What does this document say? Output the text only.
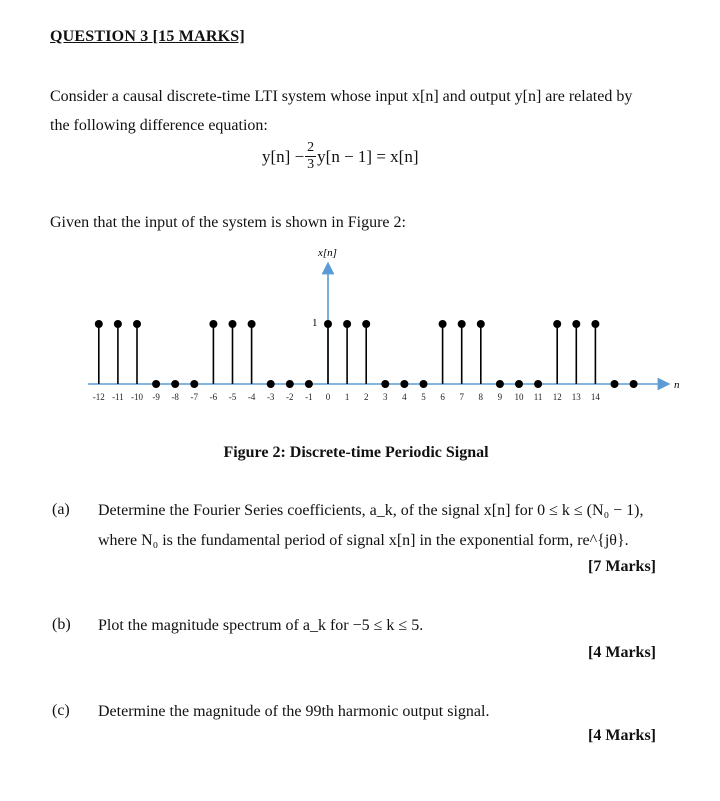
QUESTION 3 [15 MARKS]
Consider a causal discrete-time LTI system whose input x[n] and output y[n] are related by
the following difference equation:
$y[n] - \frac{2}{3} y[n - 1] = x[n]$
Given that the input of the system is shown in Figure 2:
x[n]
n
1
-12 -11 -10 -9 -8 -7 -6 -5 -4 -3 -2 -1 0 1 2 3 4 5 6 7 8 9 10 11 12 13 14
Figure 2: Discrete-time Periodic Signal
(a) Determine the Fourier Series coefficients, a_k, of the signal x[n] for 0 ≤ k ≤ (N₀ − 1),
where N₀ is the fundamental period of signal x[n] in the exponential form, re^{jθ}.
[7 Marks]
(b) Plot the magnitude spectrum of a_k for −5 ≤ k ≤ 5.
[4 Marks]
(c) Determine the magnitude of the 99th harmonic output signal.
[4 Marks]
